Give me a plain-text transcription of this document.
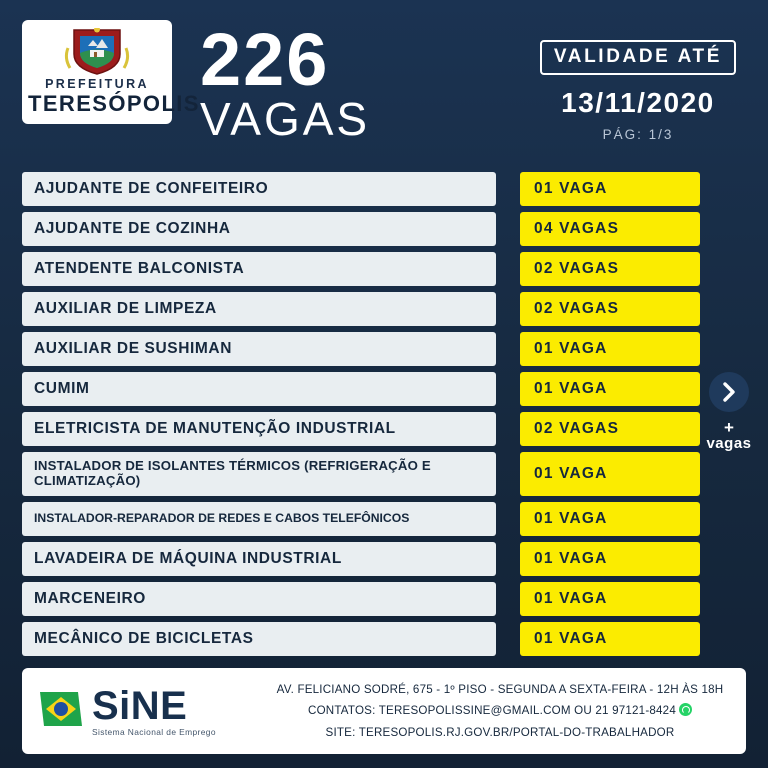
PREFEITURA
TERESÓPOLIS
226
VAGAS
VALIDADE ATÉ
13/11/2020
PÁG: 1/3
AJUDANTE DE CONFEITEIRO	01 VAGA
AJUDANTE DE COZINHA	04 VAGAS
ATENDENTE BALCONISTA	02 VAGAS
AUXILIAR DE LIMPEZA	02 VAGAS
AUXILIAR DE SUSHIMAN	01 VAGA
CUMIM	01 VAGA
ELETRICISTA DE MANUTENÇÃO INDUSTRIAL	02 VAGAS
INSTALADOR DE ISOLANTES TÉRMICOS (REFRIGERAÇÃO E CLIMATIZAÇÃO)	01 VAGA
INSTALADOR-REPARADOR DE REDES E CABOS TELEFÔNICOS	01 VAGA
LAVADEIRA DE MÁQUINA INDUSTRIAL	01 VAGA
MARCENEIRO	01 VAGA
MECÂNICO DE BICICLETAS	01 VAGA
+
vagas
SiNE
Sistema Nacional de Emprego
AV. FELICIANO SODRÉ, 675 - 1º PISO - SEGUNDA A SEXTA-FEIRA - 12H ÀS 18H
CONTATOS: TERESOPOLISSINE@GMAIL.COM OU 21 97121-8424
SITE: TERESOPOLIS.RJ.GOV.BR/PORTAL-DO-TRABALHADOR
